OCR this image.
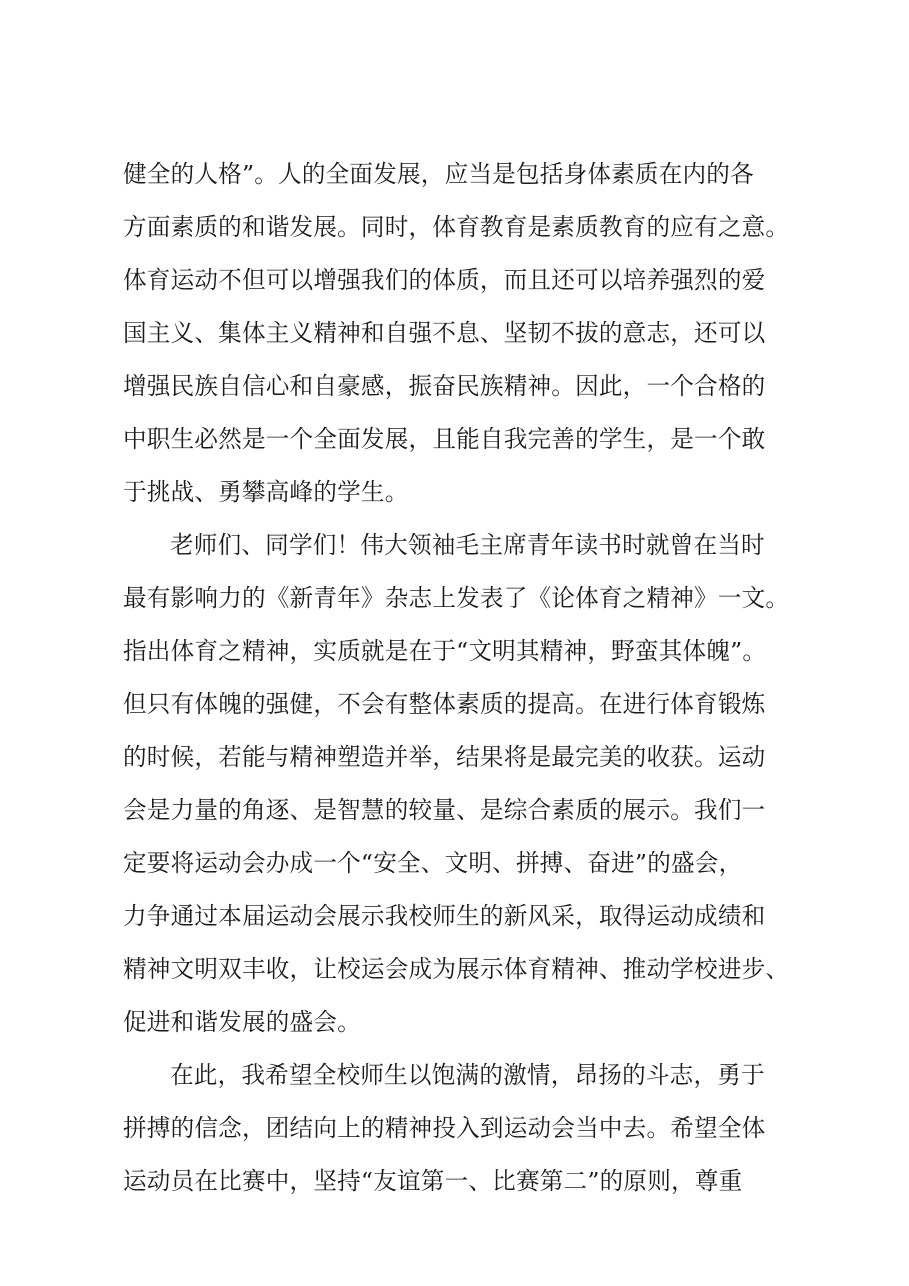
健全的人格”。人的全面发展，应当是包括身体素质在内的各
方面素质的和谐发展。同时，体育教育是素质教育的应有之意。
体育运动不但可以增强我们的体质，而且还可以培养强烈的爱
国主义、集体主义精神和自强不息、坚韧不拔的意志，还可以
增强民族自信心和自豪感，振奋民族精神。因此，一个合格的
中职生必然是一个全面发展，且能自我完善的学生，是一个敢
于挑战、勇攀高峰的学生。
老师们、同学们！伟大领袖毛主席青年读书时就曾在当时
最有影响力的《新青年》杂志上发表了《论体育之精神》一文。
指出体育之精神，实质就是在于“文明其精神，野蛮其体魄”。
但只有体魄的强健，不会有整体素质的提高。在进行体育锻炼
的时候，若能与精神塑造并举，结果将是最完美的收获。运动
会是力量的角逐、是智慧的较量、是综合素质的展示。我们一
定要将运动会办成一个“安全、文明、拼搏、奋进”的盛会，
力争通过本届运动会展示我校师生的新风采，取得运动成绩和
精神文明双丰收，让校运会成为展示体育精神、推动学校进步、
促进和谐发展的盛会。
在此，我希望全校师生以饱满的激情，昂扬的斗志，勇于
拼搏的信念，团结向上的精神投入到运动会当中去。希望全体
运动员在比赛中，坚持“友谊第一、比赛第二”的原则，尊重
